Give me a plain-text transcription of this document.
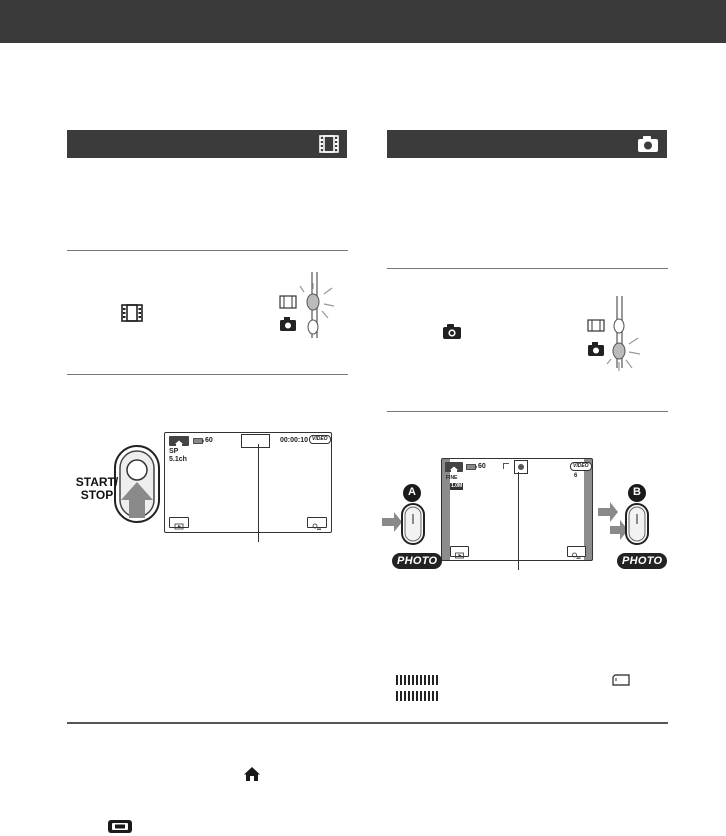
START/
STOP
60	00:00:10 VIDEO
SP
5.1ch
60	VIDEO
6
FINE
1.0M
A
PHOTO
B
PHOTO
